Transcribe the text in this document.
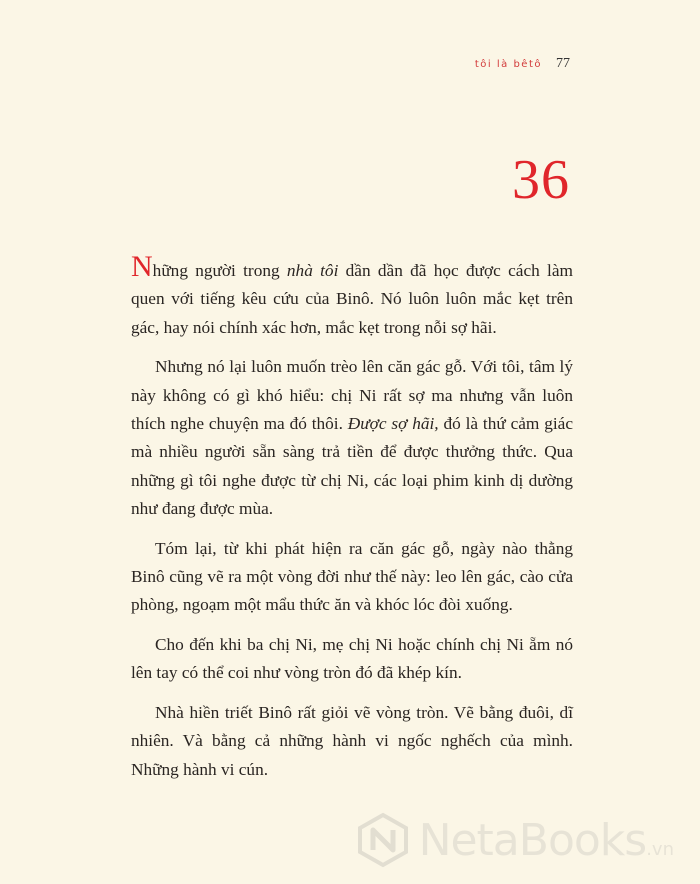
tôi là bêtô 77
36

Những người trong nhà tôi dần dần đã học được cách làm quen với tiếng kêu cứu của Binô. Nó luôn luôn mắc kẹt trên gác, hay nói chính xác hơn, mắc kẹt trong nỗi sợ hãi.

Nhưng nó lại luôn muốn trèo lên căn gác gỗ. Với tôi, tâm lý này không có gì khó hiểu: chị Ni rất sợ ma nhưng vẫn luôn thích nghe chuyện ma đó thôi. Được sợ hãi, đó là thứ cảm giác mà nhiều người sẵn sàng trả tiền để được thưởng thức. Qua những gì tôi nghe được từ chị Ni, các loại phim kinh dị dường như đang được mùa.

Tóm lại, từ khi phát hiện ra căn gác gỗ, ngày nào thằng Binô cũng vẽ ra một vòng đời như thế này: leo lên gác, cào cửa phòng, ngoạm một mẩu thức ăn và khóc lóc đòi xuống.

Cho đến khi ba chị Ni, mẹ chị Ni hoặc chính chị Ni ẵm nó lên tay có thể coi như vòng tròn đó đã khép kín.

Nhà hiền triết Binô rất giỏi vẽ vòng tròn. Vẽ bằng đuôi, dĩ nhiên. Và bằng cả những hành vi ngốc nghếch của mình. Những hành vi cún.

NetaBooks.vn
